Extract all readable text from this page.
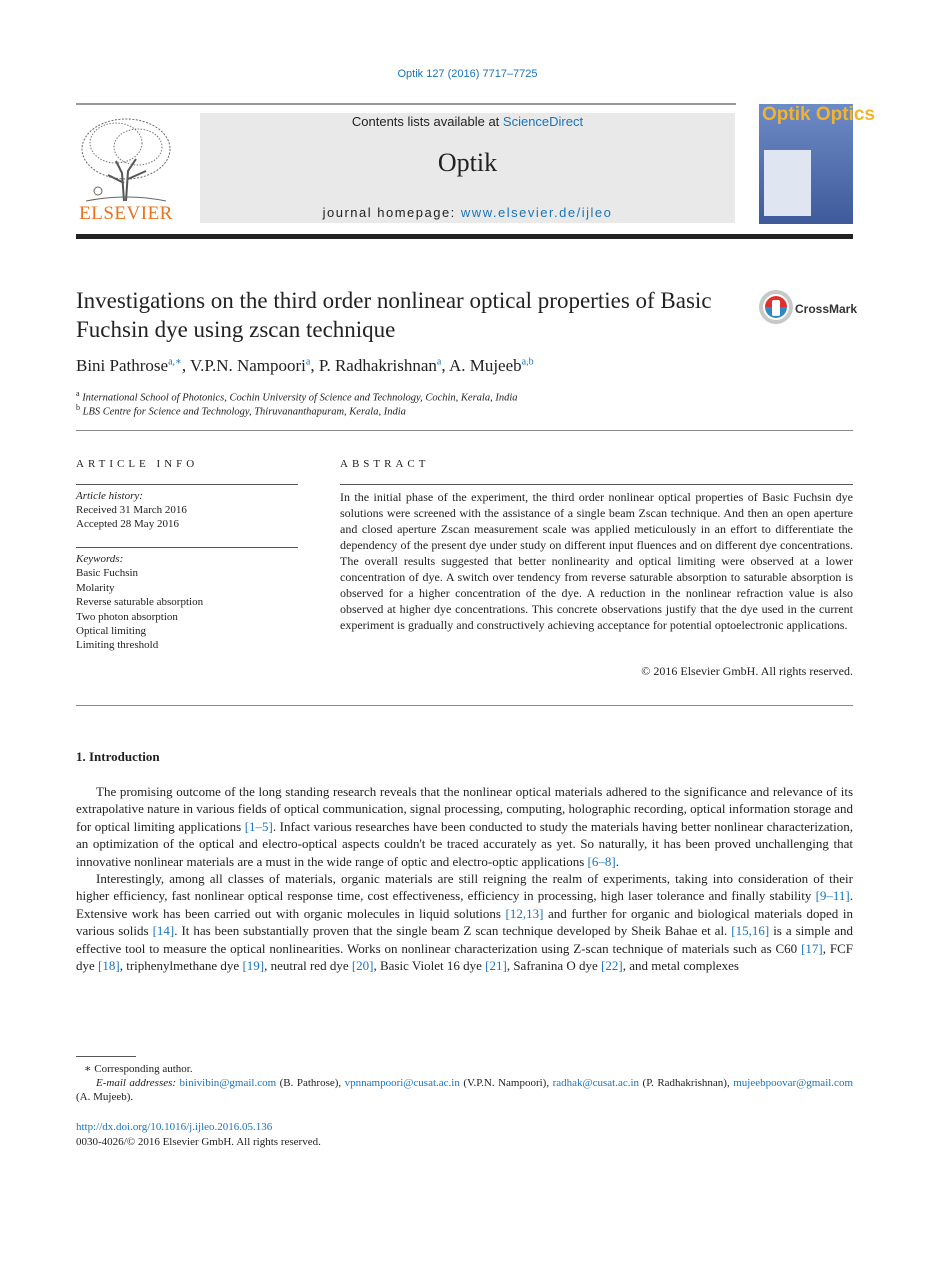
Optik 127 (2016) 7717–7725
ELSEVIER
Contents lists available at ScienceDirect
Optik
journal homepage: www.elsevier.de/ijleo
Optik Optics
Investigations on the third order nonlinear optical properties of Basic Fuchsin dye using zscan technique
CrossMark
Bini Pathrose$^{a,∗}$, V.P.N. Nampoori$^a$, P. Radhakrishnan$^a$, A. Mujeeb$^{a,b}$
$^a$ International School of Photonics, Cochin University of Science and Technology, Cochin, Kerala, India
$^b$ LBS Centre for Science and Technology, Thiruvananthapuram, Kerala, India
ARTICLE INFO
Article history:
Received 31 March 2016
Accepted 28 May 2016
Keywords:
Basic Fuchsin
Molarity
Reverse saturable absorption
Two photon absorption
Optical limiting
Limiting threshold
ABSTRACT
In the initial phase of the experiment, the third order nonlinear optical properties of Basic Fuchsin dye solutions were screened with the assistance of a single beam Zscan technique. And then an open aperture and closed aperture Zscan measurement scale was applied meticulously in an effort to differentiate the dependency of the present dye under study on different input fluences and on different dye concentrations. The overall results suggested that better nonlinearity and optical limiting were observed at a lower concentration of dye. A switch over tendency from reverse saturable absorption to saturable absorption is observed for a higher concentration of the dye. A reduction in the nonlinear refraction value is also observed at higher dye concentrations. This concrete observations justify that the dye used in the current experiment is gradually and constructively achieving acceptance for potential optoelectronic applications.
© 2016 Elsevier GmbH. All rights reserved.
1. Introduction

The promising outcome of the long standing research reveals that the nonlinear optical materials adhered to the significance and relevance of its extrapolative nature in various fields of optical communication, signal processing, computing, holographic recording, optical information storage and for optical limiting applications [1–5]. Infact various researches have been conducted to study the materials having better nonlinear characterization, an optimization of the optical and electro-optical aspects couldn't be traced accurately as yet. So naturally, it has been proved unchallenging that innovative nonlinear materials are a must in the wide range of optic and electro-optic applications [6–8].

Interestingly, among all classes of materials, organic materials are still reigning the realm of experiments, taking into consideration of their higher efficiency, fast nonlinear optical response time, cost effectiveness, efficiency in processing, high laser tolerance and finally stability [9–11]. Extensive work has been carried out with organic molecules in liquid solutions [12,13] and further for organic and biological materials doped in various solids [14]. It has been substantially proven that the single beam Z scan technique developed by Sheik Bahae et al. [15,16] is a simple and effective tool to measure the optical nonlinearities. Works on nonlinear characterization using Z-scan technique of materials such as C60 [17], FCF dye [18], triphenylmethane dye [19], neutral red dye [20], Basic Violet 16 dye [21], Safranina O dye [22], and metal complexes

∗ Corresponding author.
E-mail addresses: binivibin@gmail.com (B. Pathrose), vpnnampoori@cusat.ac.in (V.P.N. Nampoori), radhak@cusat.ac.in (P. Radhakrishnan), mujeebpoovar@gmail.com (A. Mujeeb).
http://dx.doi.org/10.1016/j.ijleo.2016.05.136
0030-4026/© 2016 Elsevier GmbH. All rights reserved.
